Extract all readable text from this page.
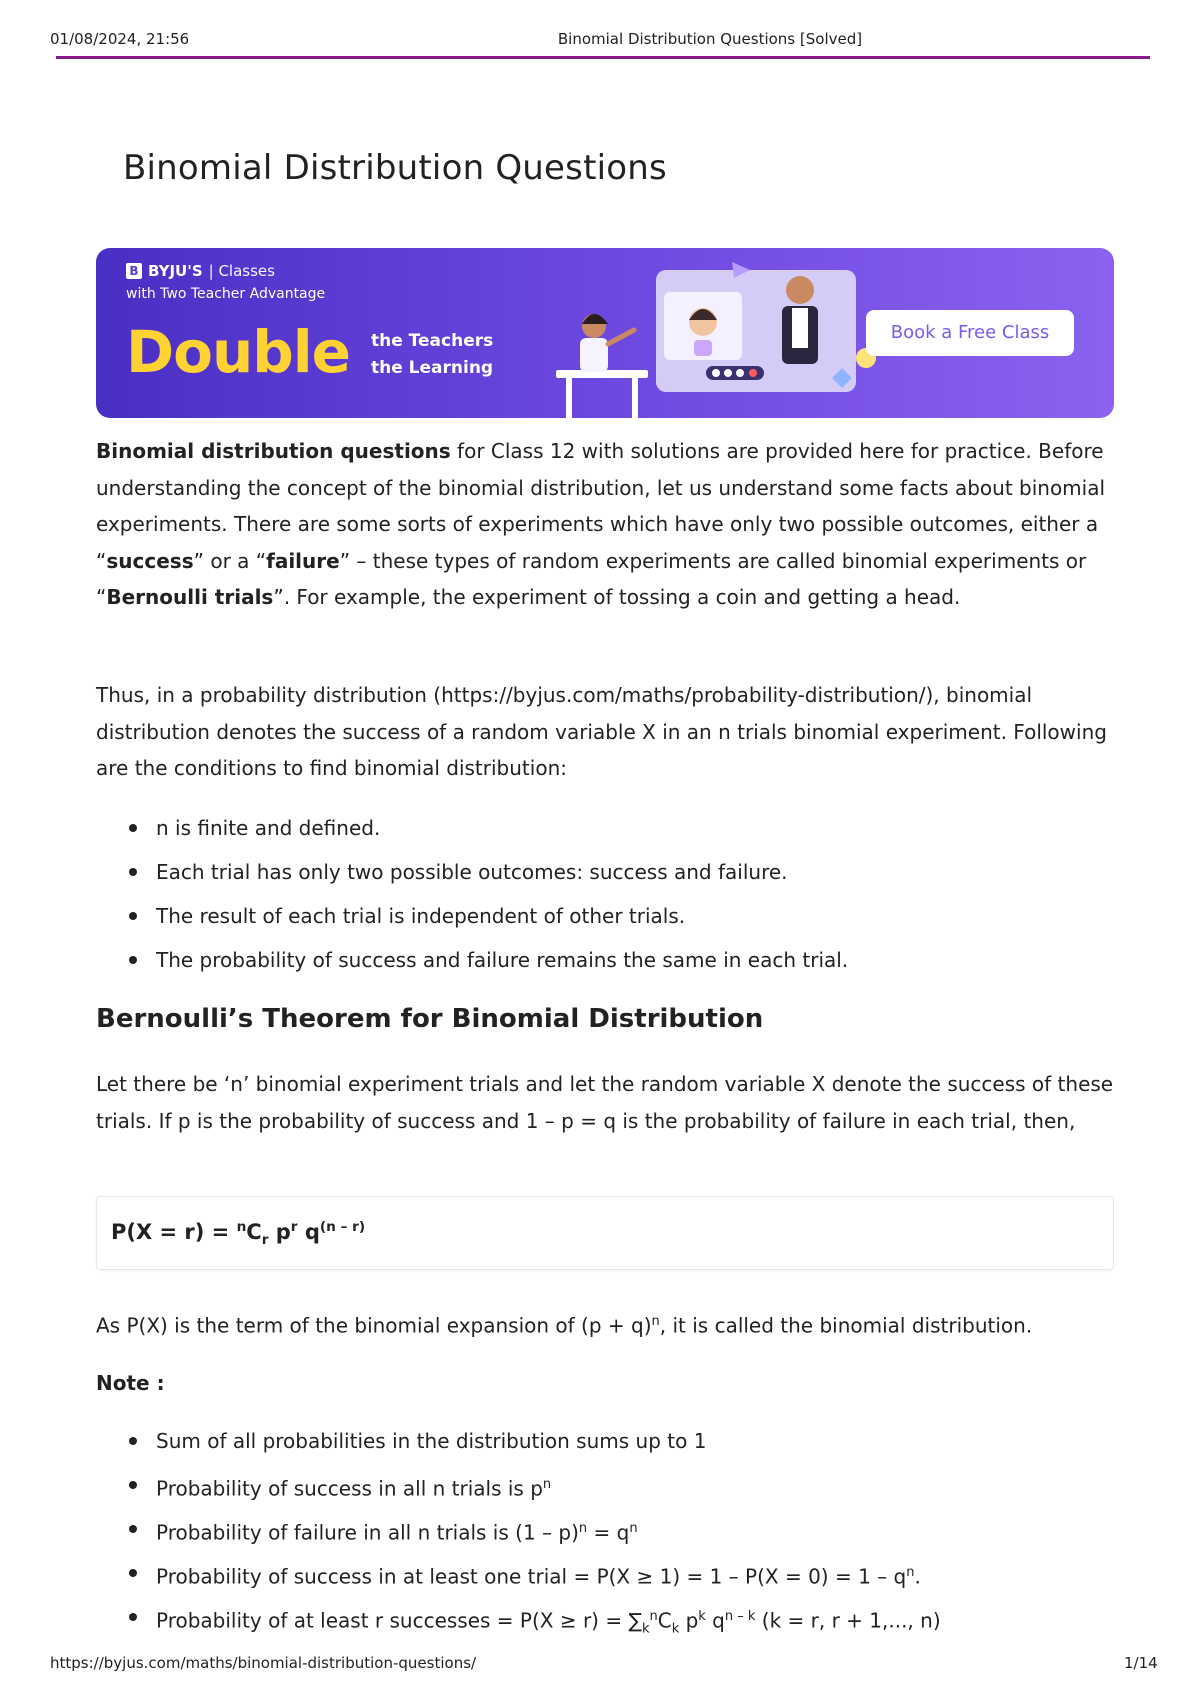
01/08/2024, 21:56	Binomial Distribution Questions [Solved]
Binomial Distribution Questions
B BYJU'S | Classes
with Two Teacher Advantage
Double the Teachers
the Learning
Book a Free Class

Binomial distribution questions for Class 12 with solutions are provided here for practice. Before understanding the concept of the binomial distribution, let us understand some facts about binomial experiments. There are some sorts of experiments which have only two possible outcomes, either a “success” or a “failure” – these types of random experiments are called binomial experiments or “Bernoulli trials”. For example, the experiment of tossing a coin and getting a head.

Thus, in a probability distribution (https://byjus.com/maths/probability-distribution/), binomial distribution denotes the success of a random variable X in an n trials binomial experiment. Following are the conditions to find binomial distribution:

n is finite and defined.
Each trial has only two possible outcomes: success and failure.
The result of each trial is independent of other trials.
The probability of success and failure remains the same in each trial.
Bernoulli’s Theorem for Binomial Distribution

Let there be ‘n’ binomial experiment trials and let the random variable X denote the success of these trials. If p is the probability of success and 1 – p = q is the probability of failure in each trial, then,

$P(X = r) = ^nC_r$ $p^r$ $q^{(n - r)}$

As P(X) is the term of the binomial expansion of $(p + q)^n$, it is called the binomial distribution.

Note :

Sum of all probabilities in the distribution sums up to 1
Probability of success in all n trials is $p^n$
Probability of failure in all n trials is $(1 - p)^n = q^n$
Probability of success in at least one trial = $P(X \ge 1) = 1 - P(X = 0) = 1 - q^n$.
Probability of at least r successes = $P(X \ge r) = \sum_k^nC_k$ $p^k$ $q^{n - k}$ (k = r, r + 1,..., n)
https://byjus.com/maths/binomial-distribution-questions/	1/14
